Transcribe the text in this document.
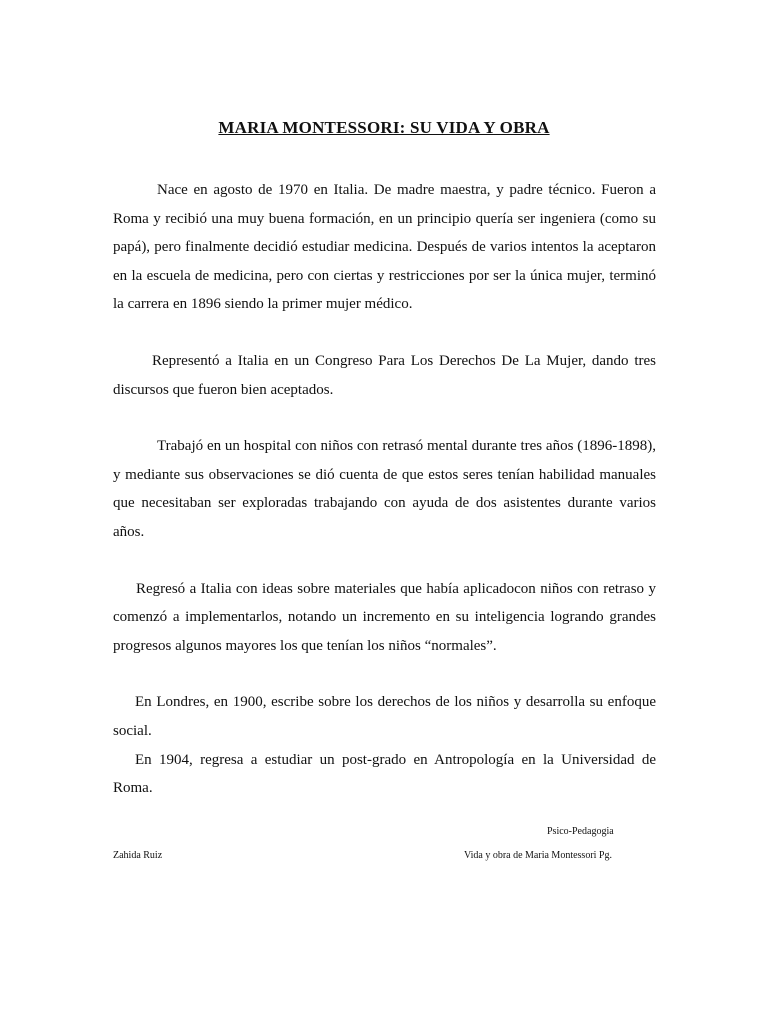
MARIA MONTESSORI: SU VIDA Y OBRA

Nace en agosto de 1970 en Italia. De madre maestra, y padre técnico. Fueron a Roma y recibió una muy buena formación, en un principio quería ser ingeniera (como su papá), pero finalmente decidió estudiar medicina. Después de varios intentos la aceptaron en la escuela de medicina, pero con ciertas y restricciones por ser la única mujer, terminó la carrera en 1896 siendo la primer mujer médico.

Representó a Italia en un Congreso Para Los Derechos De La Mujer, dando tres discursos que fueron bien aceptados.

Trabajó en un hospital con niños con retrasó mental durante tres años (1896-1898), y mediante sus observaciones se dió cuenta de que estos seres tenían habilidad manuales que necesitaban ser exploradas trabajando con ayuda de dos asistentes durante varios años.

Regresó a Italia con ideas sobre materiales que había aplicadocon niños con retraso y comenzó a implementarlos, notando un incremento en su inteligencia logrando grandes progresos algunos mayores los que tenían los niños “normales”.

En Londres, en 1900, escribe sobre los derechos de los niños y desarrolla su enfoque social.

En 1904, regresa a estudiar un post-grado en Antropología en la Universidad de Roma.

Psico-Pedagogia
Zahida Ruiz	Vida y obra de Maria Montessori Pg.
